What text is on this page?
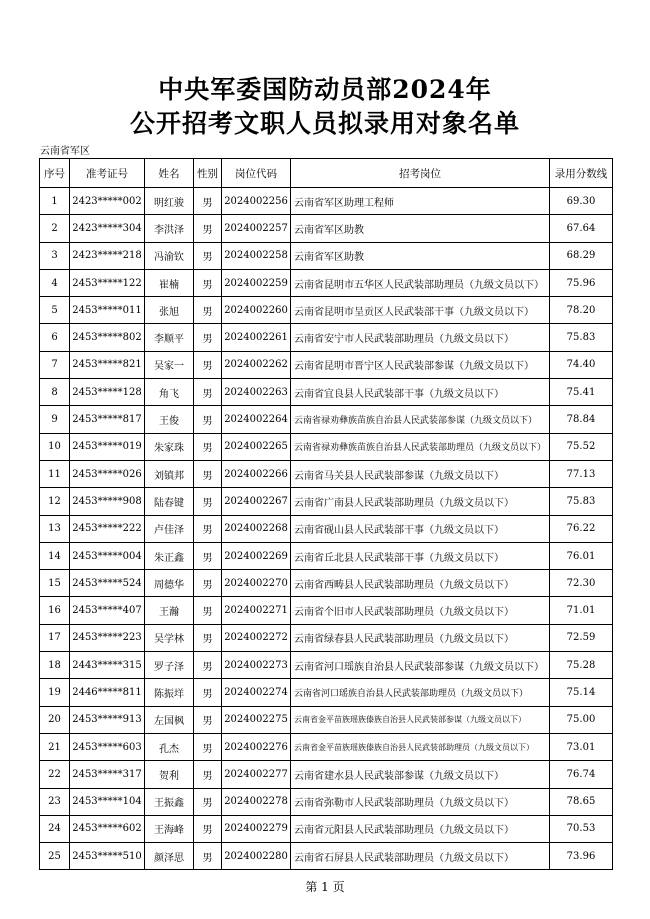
中央军委国防动员部2024年
公开招考文职人员拟录用对象名单
云南省军区
序号	准考证号	姓名	性别	岗位代码	招考岗位	录用分数线
1	2423*****002	明红骏	男	2024002256	云南省军区助理工程师	69.30
2	2423*****304	李洪泽	男	2024002257	云南省军区助教	67.64
3	2423*****218	冯渝钦	男	2024002258	云南省军区助教	68.29
4	2453*****122	崔楠	男	2024002259	云南省昆明市五华区人民武装部助理员（九级文员以下）	75.96
5	2453*****011	张旭	男	2024002260	云南省昆明市呈贡区人民武装部干事（九级文员以下）	78.20
6	2453*****802	李顺平	男	2024002261	云南省安宁市人民武装部助理员（九级文员以下）	75.83
7	2453*****821	吴家一	男	2024002262	云南省昆明市晋宁区人民武装部参谋（九级文员以下）	74.40
8	2453*****128	角飞	男	2024002263	云南省宜良县人民武装部干事（九级文员以下）	75.41
9	2453*****817	王俊	男	2024002264	云南省禄劝彝族苗族自治县人民武装部参谋（九级文员以下）	78.84
10	2453*****019	朱家珠	男	2024002265	云南省禄劝彝族苗族自治县人民武装部助理员（九级文员以下）	75.52
11	2453*****026	刘镇邦	男	2024002266	云南省马关县人民武装部参谋（九级文员以下）	77.13
12	2453*****908	陆春键	男	2024002267	云南省广南县人民武装部助理员（九级文员以下）	75.83
13	2453*****222	卢佳泽	男	2024002268	云南省砚山县人民武装部干事（九级文员以下）	76.22
14	2453*****004	朱正鑫	男	2024002269	云南省丘北县人民武装部干事（九级文员以下）	76.01
15	2453*****524	周德华	男	2024002270	云南省西畴县人民武装部助理员（九级文员以下）	72.30
16	2453*****407	王瀚	男	2024002271	云南省个旧市人民武装部助理员（九级文员以下）	71.01
17	2453*****223	吴学林	男	2024002272	云南省绿春县人民武装部助理员（九级文员以下）	72.59
18	2443*****315	罗子泽	男	2024002273	云南省河口瑶族自治县人民武装部参谋（九级文员以下）	75.28
19	2446*****811	陈振垟	男	2024002274	云南省河口瑶族自治县人民武装部助理员（九级文员以下）	75.14
20	2453*****913	左国枫	男	2024002275	云南省金平苗族瑶族傣族自治县人民武装部参谋（九级文员以下）	75.00
21	2453*****603	孔杰	男	2024002276	云南省金平苗族瑶族傣族自治县人民武装部助理员（九级文员以下）	73.01
22	2453*****317	贺利	男	2024002277	云南省建水县人民武装部参谋（九级文员以下）	76.74
23	2453*****104	王振鑫	男	2024002278	云南省弥勒市人民武装部助理员（九级文员以下）	78.65
24	2453*****602	王海峰	男	2024002279	云南省元阳县人民武装部助理员（九级文员以下）	70.53
25	2453*****510	颜泽思	男	2024002280	云南省石屏县人民武装部助理员（九级文员以下）	73.96
第 1 页
